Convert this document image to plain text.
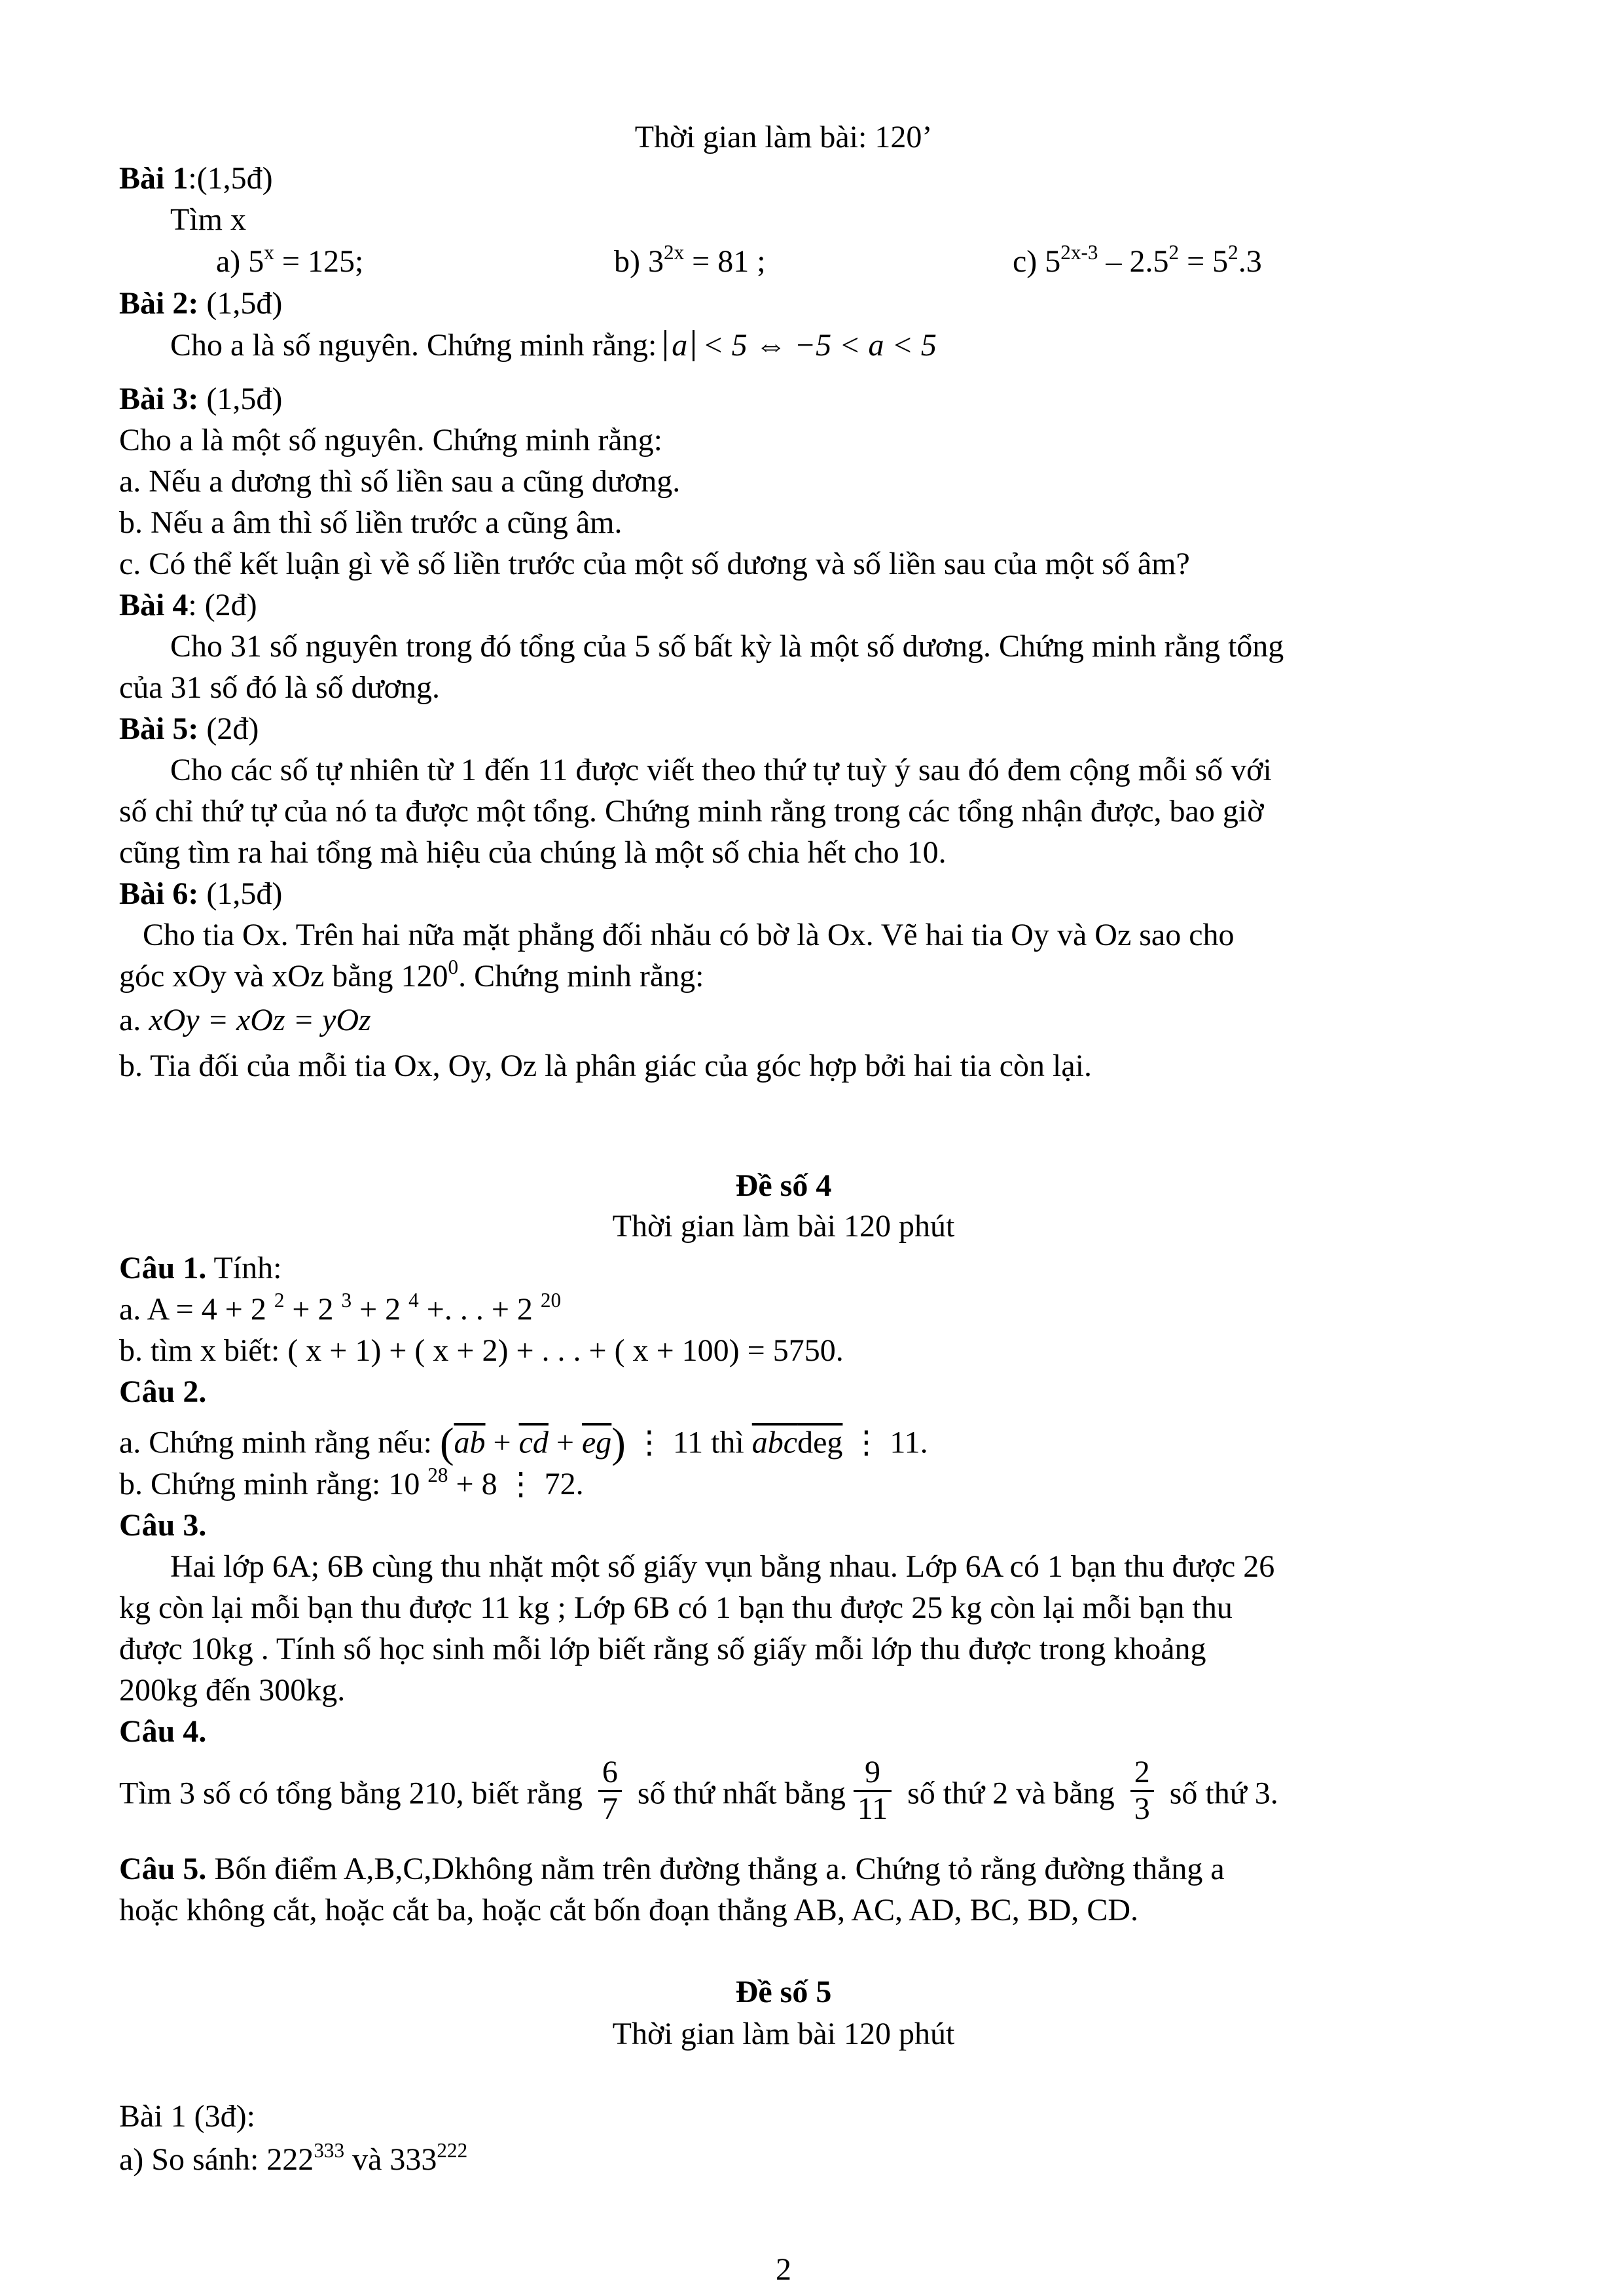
Thời gian làm bài: 120’
Bài 1:(1,5đ)
Tìm x
a) $5^x = 125$;	b) $3^{2x} = 81$ ;	c) $5^{2x-3} - 2.5^2 = 5^2.3$
Bài 2: (1,5đ)
Cho a là số nguyên. Chứng minh rằng: a < 5 ⇔ −5 < a < 5
Bài 3: (1,5đ)
Cho a là một số nguyên. Chứng minh rằng:
a. Nếu a dương thì số liền sau a cũng dương.
b. Nếu a âm thì số liền trước a cũng âm.
c. Có thể kết luận gì về số liền trước của một số dương và số liền sau của một số âm?
Bài 4: (2đ)
Cho 31 số nguyên trong đó tổng của 5 số bất kỳ là một số dương. Chứng minh rằng tổng
của 31 số đó là số dương.
Bài 5: (2đ)
Cho các số tự nhiên từ 1 đến 11 được viết theo thứ tự tuỳ ý sau đó đem cộng mỗi số với
số chỉ thứ tự của nó ta được một tổng. Chứng minh rằng trong các tổng nhận được, bao giờ
cũng tìm ra hai tổng mà hiệu của chúng là một số chia hết cho 10.
Bài 6: (1,5đ)
Cho tia Ox. Trên hai nữa mặt phẳng đối nhău có bờ là Ox. Vẽ hai tia Oy và Oz sao cho
góc xOy và xOz bằng $120^0$. Chứng minh rằng:
a. xOy = xOz = yOz
b. Tia đối của mỗi tia Ox, Oy, Oz là phân giác của góc hợp bởi hai tia còn lại.
Đề số 4
Thời gian làm bài 120 phút
Câu 1. Tính:
a. A = 4 + 2 $^2$ + 2 $^3$ + 2 $^4$ +. . . + 2 $^{20}$
b. tìm x biết: ( x + 1) + ( x + 2) + . . . + ( x + 100) = 5750.
Câu 2.
a. Chứng minh rằng nếu: $(\overline{ab} + \overline{cd} + \overline{eg})$ ⋮ 11 thì abcdeg ⋮ 11.
b. Chứng minh rằng: 10 $^{28}$ + 8 ⋮ 72.
Câu 3.
Hai lớp 6A; 6B cùng thu nhặt một số giấy vụn bằng nhau. Lớp 6A có 1 bạn thu được 26
kg còn lại mỗi bạn thu được 11 kg ; Lớp 6B có 1 bạn thu được 25 kg còn lại mỗi bạn thu
được 10kg . Tính số học sinh mỗi lớp biết rằng số giấy mỗi lớp thu được trong khoảng
200kg đến 300kg.
Câu 4.
Tìm 3 số có tổng bằng 210, biết rằng $\frac{6}{7}$ số thứ nhất bằng $\frac{9}{11}$ số thứ 2 và bằng $\frac{2}{3}$ số thứ 3.
Câu 5. Bốn điểm A,B,C,Dkhông nằm trên đường thẳng a. Chứng tỏ rằng đường thẳng a
hoặc không cắt, hoặc cắt ba, hoặc cắt bốn đoạn thẳng AB, AC, AD, BC, BD, CD.
Đề số 5
Thời gian làm bài 120 phút
Bài 1 (3đ):
a) So sánh: $222^{333}$ và $333^{222}$
2
